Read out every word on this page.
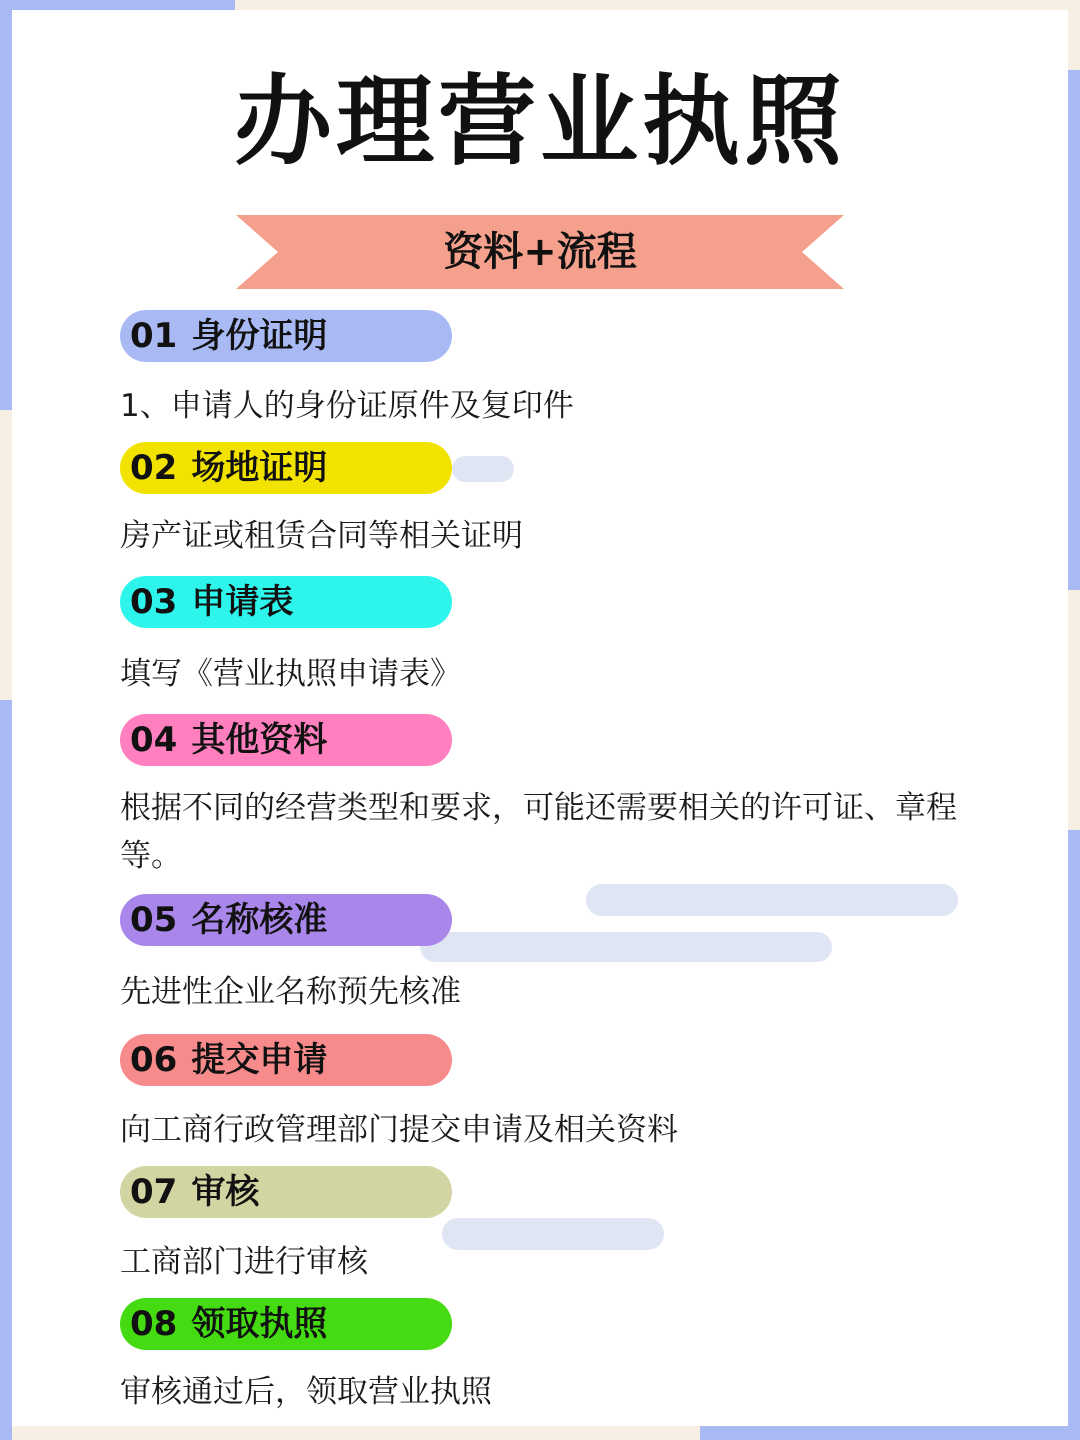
办理营业执照
资料+流程
01 身份证明
1、申请人的身份证原件及复印件
02 场地证明
房产证或租赁合同等相关证明
03 申请表
填写《营业执照申请表》
04 其他资料
根据不同的经营类型和要求，可能还需要相关的许可证、章程等。
05 名称核准
先进性企业名称预先核准
06 提交申请
向工商行政管理部门提交申请及相关资料
07 审核
工商部门进行审核
08 领取执照
审核通过后，领取营业执照
